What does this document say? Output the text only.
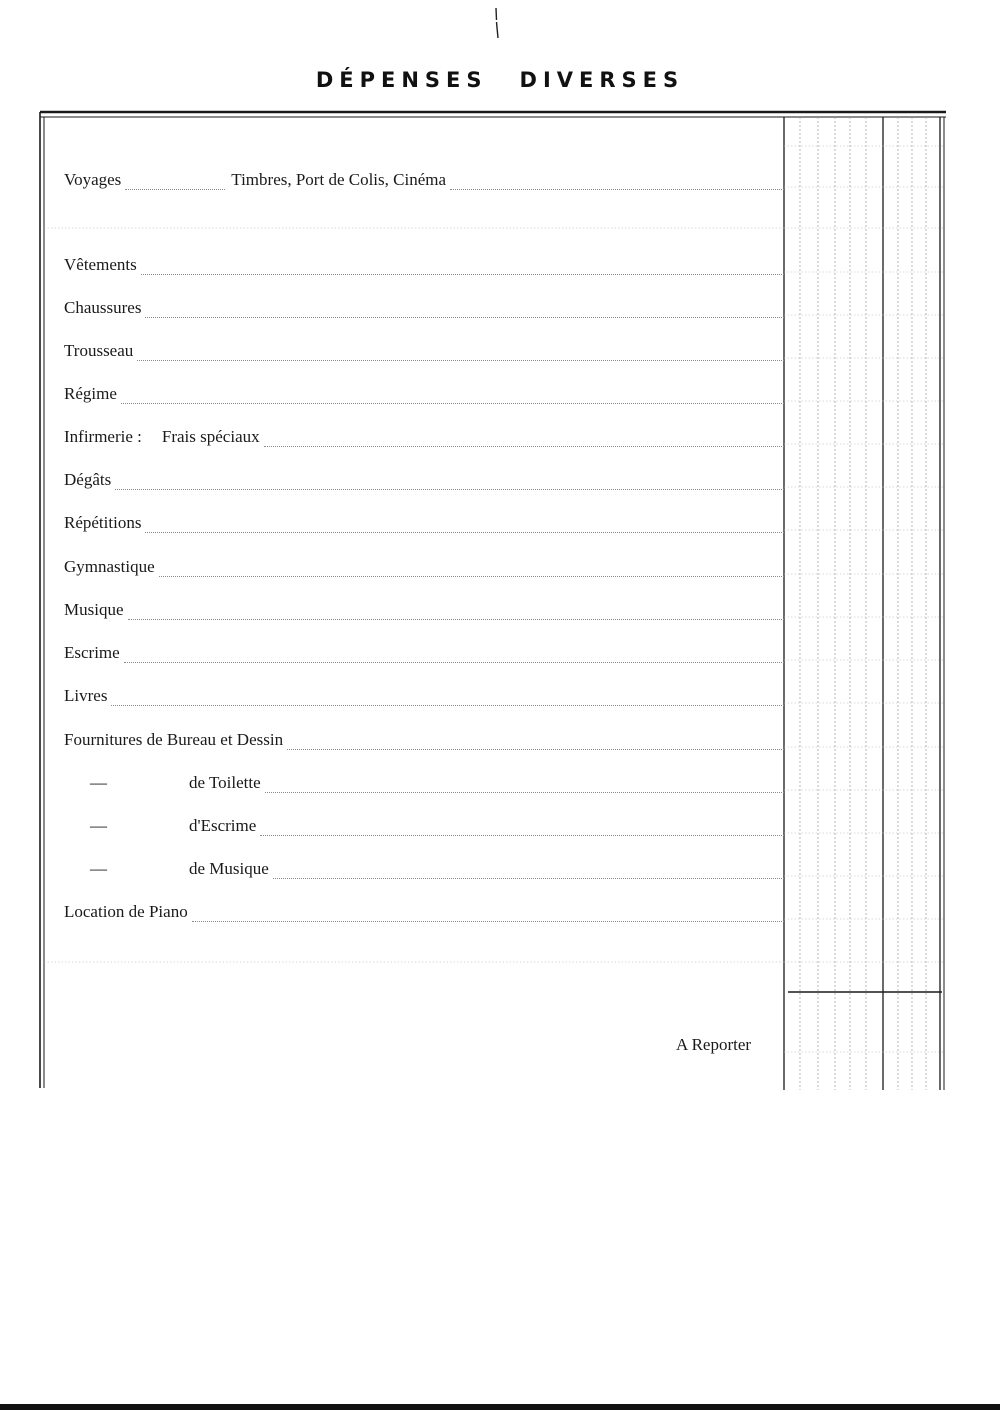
DÉPENSES DIVERSES
Voyages	Timbres, Port de Colis, Cinéma
Vêtements
Chaussures
Trousseau
Régime
Infirmerie : Frais spéciaux
Dégâts
Répétitions
Gymnastique
Musique
Escrime
Livres
Fournitures de Bureau et Dessin
—	de Toilette
—	d'Escrime
—	de Musique
Location de Piano
A Reporter
